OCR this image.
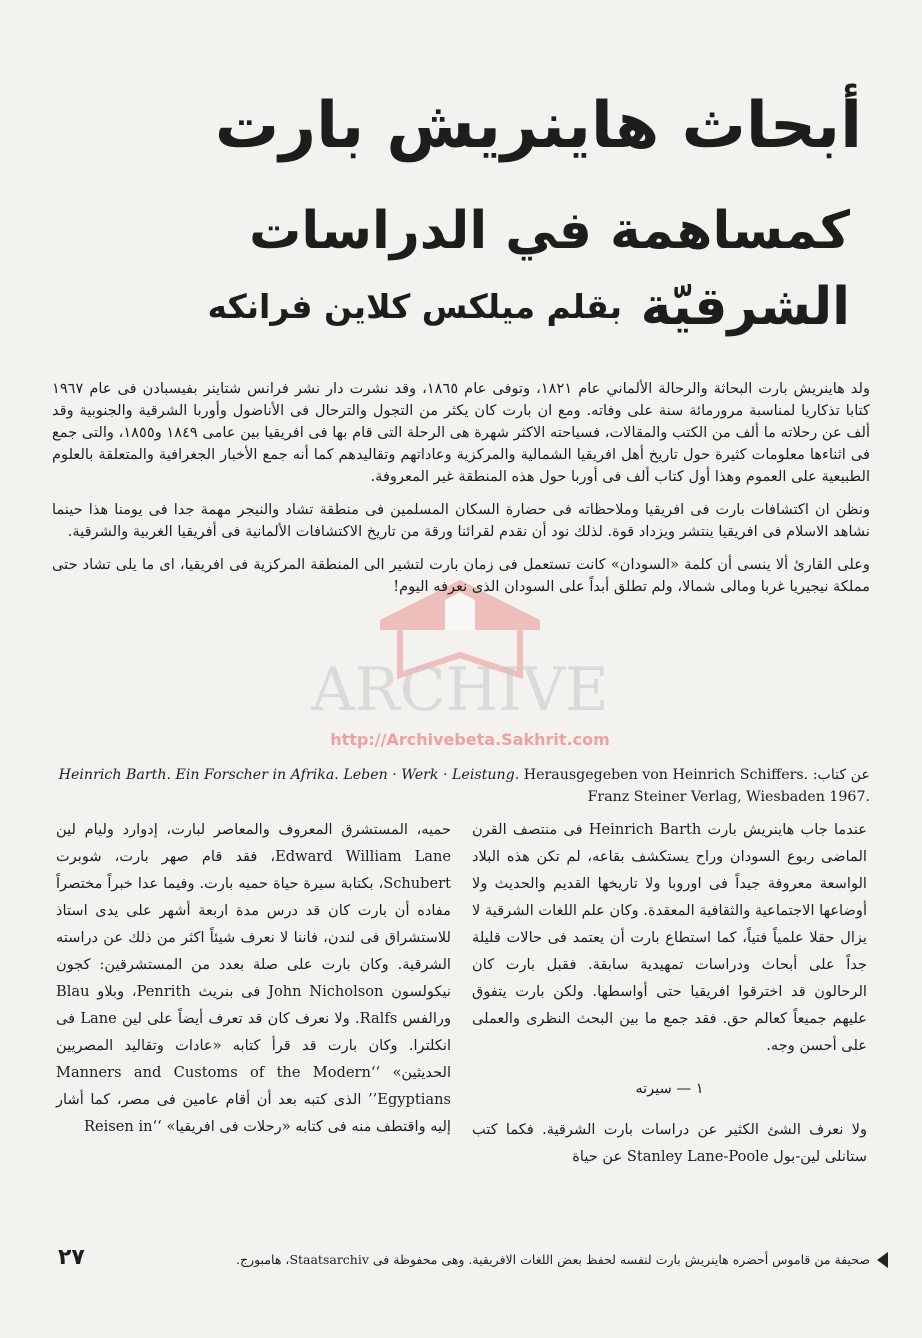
أبحاث هاينريش بارت
كمساهمة في الدراسات الشرقيّة
بقلم ميلكس كلاين فرانكه
ARCHIVE
http://Archivebeta.Sakhrit.com

ولد هاينريش بارت البحاثة والرحالة الألماني عام ١٨٢١، وتوفى عام ١٨٦٥، وقد نشرت دار نشر فرانس شتاينر بفيسبادن فى عام ١٩٦٧ كتابا تذكاريا لمناسبة مرورمائة سنة على وفاته. ومع ان بارت كان يكثر من التجول والترحال فى الأناضول وأوربا الشرقية والجنوبية وقد ألف عن رحلاته ما ألف من الكتب والمقالات، فسياحته الاكثر شهرة هى الرحلة التى قام بها فى افريقيا بين عامى ١٨٤٩ و١٨٥٥، والتى جمع فى اثناءها معلومات كثيرة حول تاريخ أهل افريقيا الشمالية والمركزية وعاداتهم وتقاليدهم كما أنه جمع الأخبار الجغرافية والمتعلقة بالعلوم الطبيعية على العموم وهذا أول كتاب ألف فى أوربا حول هذه المنطقة غير المعروفة.

ونظن ان اكتشافات بارت فى افريقيا وملاحظاته فى حضارة السكان المسلمين فى منطقة تشاد والنيجر مهمة جدا فى يومنا هذا حينما نشاهد الاسلام فى افريقيا ينتشر ويزداد قوة. لذلك نود أن نقدم لقرائنا ورقة من تاريخ الاكتشافات الألمانية فى أفريقيا الغربية والشرقية.

وعلى القارئ ألا ينسى أن كلمة «السودان» كانت تستعمل فى زمان بارت لتشير الى المنطقة المركزية فى افريقيا، اى ما يلى تشاد حتى مملكة نيجيريا غربا ومالى شمالا، ولم تطلق أبداً على السودان الذى نعرفه اليوم!

عن كتاب: Heinrich Barth. Ein Forscher in Afrika. Leben · Werk · Leistung. Herausgegeben von Heinrich Schiffers. Franz Steiner Verlag, Wiesbaden 1967.

عندما جاب هاينريش بارت Heinrich Barth فى منتصف القرن الماضى ربوع السودان وراح يستكشف بقاعه، لم تكن هذه البلاد الواسعة معروفة جيداً فى اوروبا ولا تاريخها القديم والحديث ولا أوضاعها الاجتماعية والثقافية المعقدة. وكان علم اللغات الشرقية لا يزال حقلا علمياً فتياً، كما استطاع بارت أن يعتمد فى حالات قليلة جداً على أبحاث ودراسات تمهيدية سابقة. فقبل بارت كان الرحالون قد اخترقوا افريقيا حتى أواسطها. ولكن بارت يتفوق عليهم جميعاً كعالم حق. فقد جمع ما بين البحث النظرى والعملى على أحسن وجه.

١ — سيرته

ولا نعرف الشئ الكثير عن دراسات بارت الشرقية. فكما كتب ستانلى لين-بول Stanley Lane-Poole عن حياة

حميه، المستشرق المعروف والمعاصر لبارت، إدوارد وليام لين Edward William Lane، فقد قام صهر بارت، شوبرت Schubert، بكتابة سيرة حياة حميه بارت. وفيما عدا خبراً مختصراً مفاده أن بارت كان قد درس مدة اربعة أشهر على يدى استاذ للاستشراق فى لندن، فاننا لا نعرف شيئاً اكثر من ذلك عن دراسته الشرقية. وكان بارت على صلة بعدد من المستشرقين: كجون نيكولسون John Nicholson فى بنريث Penrith، وبلاو Blau ورالفس Ralfs. ولا نعرف كان قد تعرف أيضاً على لين Lane فى انكلترا. وكان بارت قد قرأ كتابه «عادات وتقاليد المصريين الحديثين» ‘‘Manners and Customs of the Modern Egyptians’’ الذى كتبه بعد أن أقام عامين فى مصر، كما أشار إليه واقتطف منه فى كتابه «رحلات فى افريقيا» ‘‘Reisen in

٢٧	صحيفة من قاموس أحضره هاينريش بارت لنفسه لحفظ بعض اللغات الافريقية. وهى محفوظة فى Staatsarchiv، هامبورج.
